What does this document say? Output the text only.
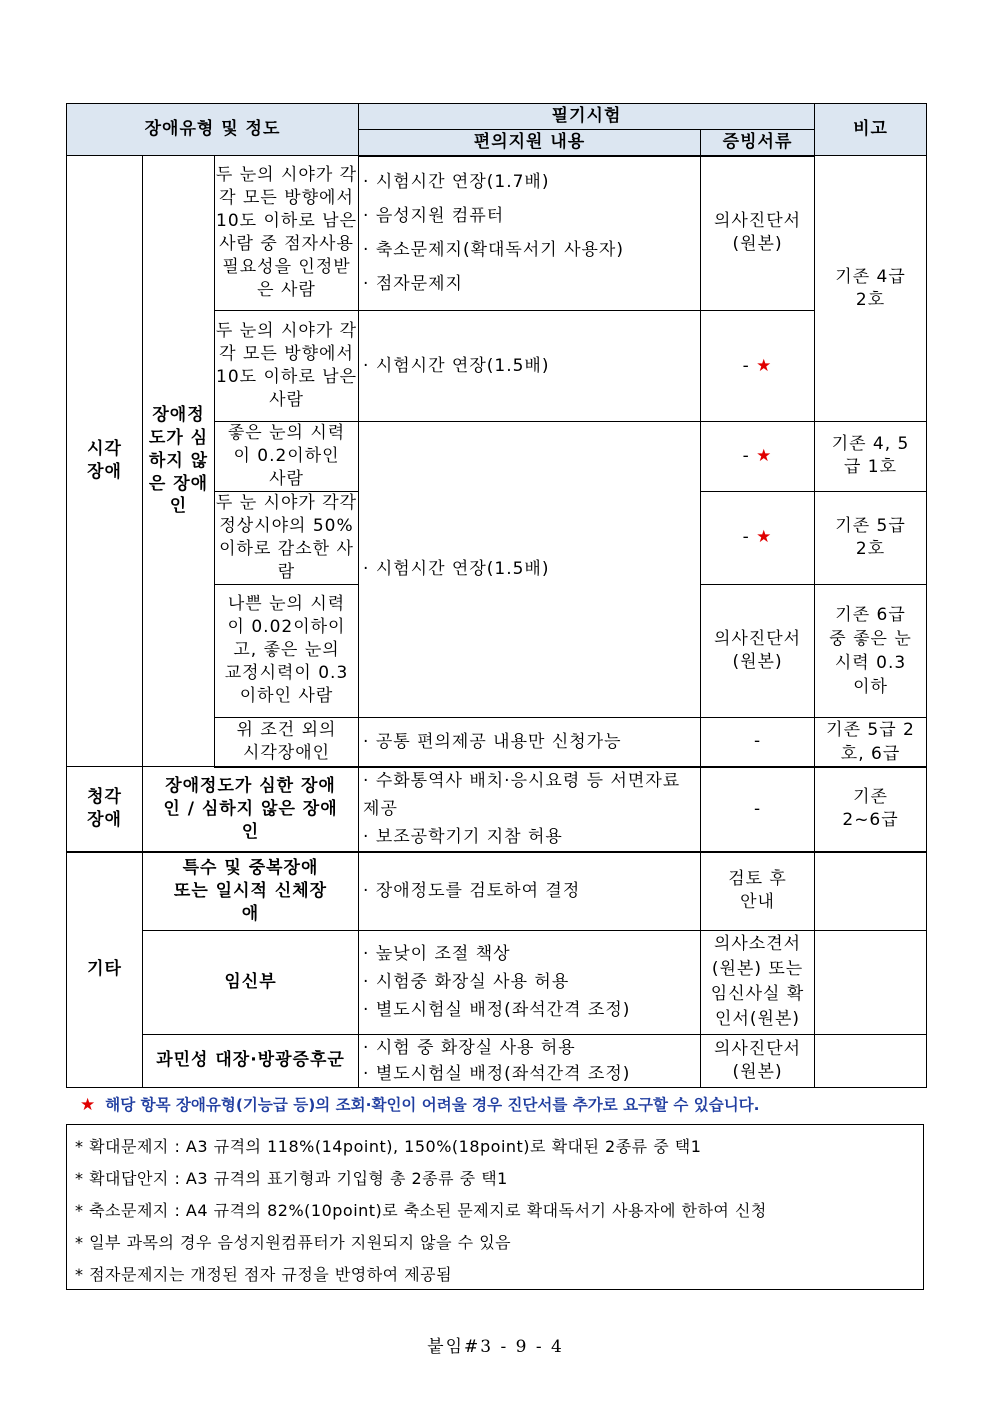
장애유형 및 정도			필기시험		비고
			편의지원 내용	증빙서류	
시각장애	장애정도가 심하지 않은 장애인	두 눈의 시야가 각각 모든 방향에서 10도 이하로 남은사람 중 점자사용 필요성을 인정받은 사람	· 시험시간 연장(1.7배)
· 음성지원 컴퓨터
· 축소문제지(확대독서기 사용자)
· 점자문제지	의사진단서(원본)	기존 4급 2호
		두 눈의 시야가 각각 모든 방향에서 10도 이하로 남은 사람	· 시험시간 연장(1.5배)	- ★	
		좋은 눈의 시력이 0.2이하인 사람	· 시험시간 연장(1.5배)	- ★	기존 4, 5급 1호
		두 눈 시야가 각각 정상시야의 50% 이하로 감소한 사람		- ★	기존 5급 2호
		나쁜 눈의 시력이 0.02이하이고, 좋은 눈의 교정시력이 0.3이하인 사람		의사진단서(원본)	기존 6급 중 좋은 눈 시력 0.3 이하
		위 조건 외의 시각장애인	· 공통 편의제공 내용만 신청가능	-	기존 5급 2호, 6급

청각장애	장애정도가 심한 장애인 / 심하지 않은 장애인		· 수화통역사 배치·응시요령 등 서면자료 제공
· 보조공학기기 지참 허용	-	기존 2~6급
기타	특수 및 중복장애 또는 일시적 신체장애		· 장애정도를 검토하여 결정	검토 후 안내	
	임신부		· 높낮이 조절 책상
· 시험중 화장실 사용 허용
· 별도시험실 배정(좌석간격 조정)	의사소견서(원본) 또는 임신사실 확인서(원본)	
	과민성 대장·방광증후군		· 시험 중 화장실 사용 허용
· 별도시험실 배정(좌석간격 조정)	의사진단서(원본)	
★ 해당 항목 장애유형(기능급 등)의 조회·확인이 어려울 경우 진단서를 추가로 요구할 수 있습니다.
* 확대문제지 : A3 규격의 118%(14point), 150%(18point)로 확대된 2종류 중 택1
* 확대답안지 : A3 규격의 표기형과 기입형 총 2종류 중 택1
* 축소문제지 : A4 규격의 82%(10point)로 축소된 문제지로 확대독서기 사용자에 한하여 신청
* 일부 과목의 경우 음성지원컴퓨터가 지원되지 않을 수 있음
* 점자문제지는 개정된 점자 규정을 반영하여 제공됨
붙임#3 - 9 - 4
